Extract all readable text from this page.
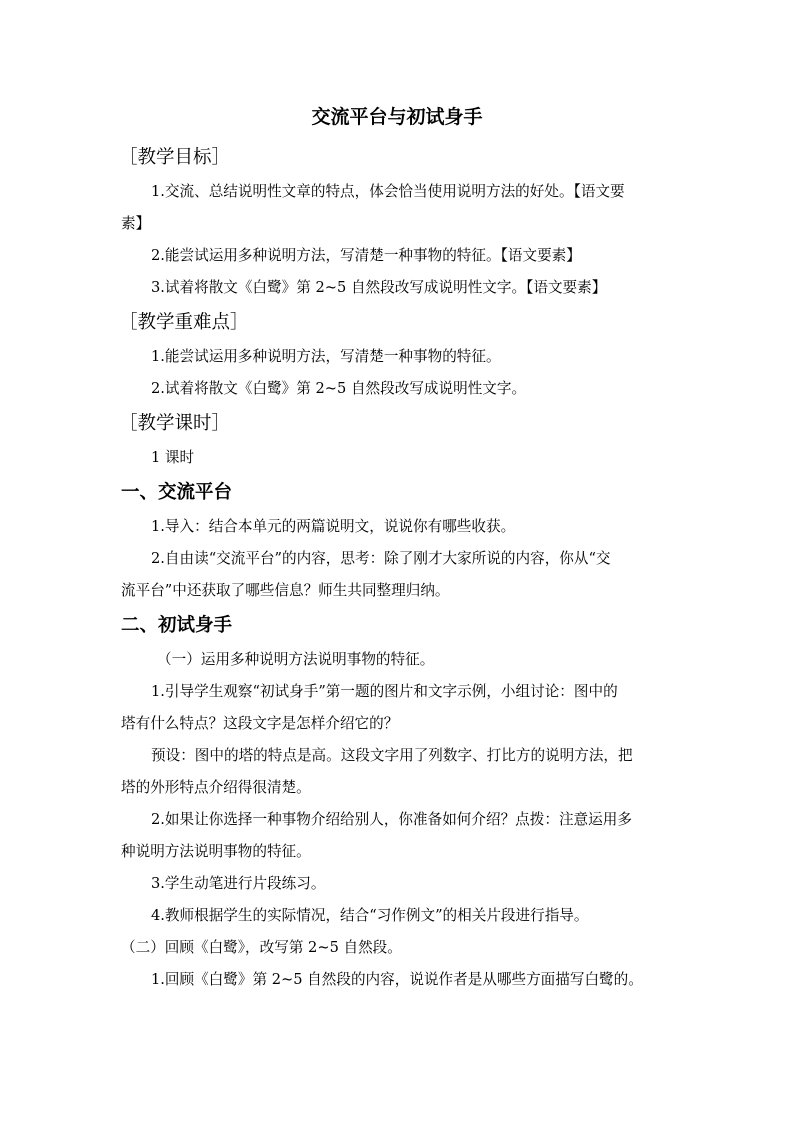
交流平台与初试身手
［教学目标］
1.交流、总结说明性文章的特点，体会恰当使用说明方法的好处。【语文要
素】
2.能尝试运用多种说明方法，写清楚一种事物的特征。【语文要素】
3.试着将散文《白鹭》第 2~5 自然段改写成说明性文字。【语文要素】
［教学重难点］
1.能尝试运用多种说明方法，写清楚一种事物的特征。
2.试着将散文《白鹭》第 2~5 自然段改写成说明性文字。
［教学课时］
1 课时
一、交流平台
1.导入：结合本单元的两篇说明文，说说你有哪些收获。
2.自由读“交流平台”的内容，思考：除了刚才大家所说的内容，你从“交
流平台”中还获取了哪些信息？师生共同整理归纳。
二、初试身手
（一）运用多种说明方法说明事物的特征。
1.引导学生观察“初试身手”第一题的图片和文字示例，小组讨论：图中的
塔有什么特点？这段文字是怎样介绍它的？
预设：图中的塔的特点是高。这段文字用了列数字、打比方的说明方法，把
塔的外形特点介绍得很清楚。
2.如果让你选择一种事物介绍给别人，你准备如何介绍？点拨：注意运用多
种说明方法说明事物的特征。
3.学生动笔进行片段练习。
4.教师根据学生的实际情况，结合“习作例文”的相关片段进行指导。
（二）回顾《白鹭》，改写第 2~5 自然段。
1.回顾《白鹭》第 2~5 自然段的内容，说说作者是从哪些方面描写白鹭的。
